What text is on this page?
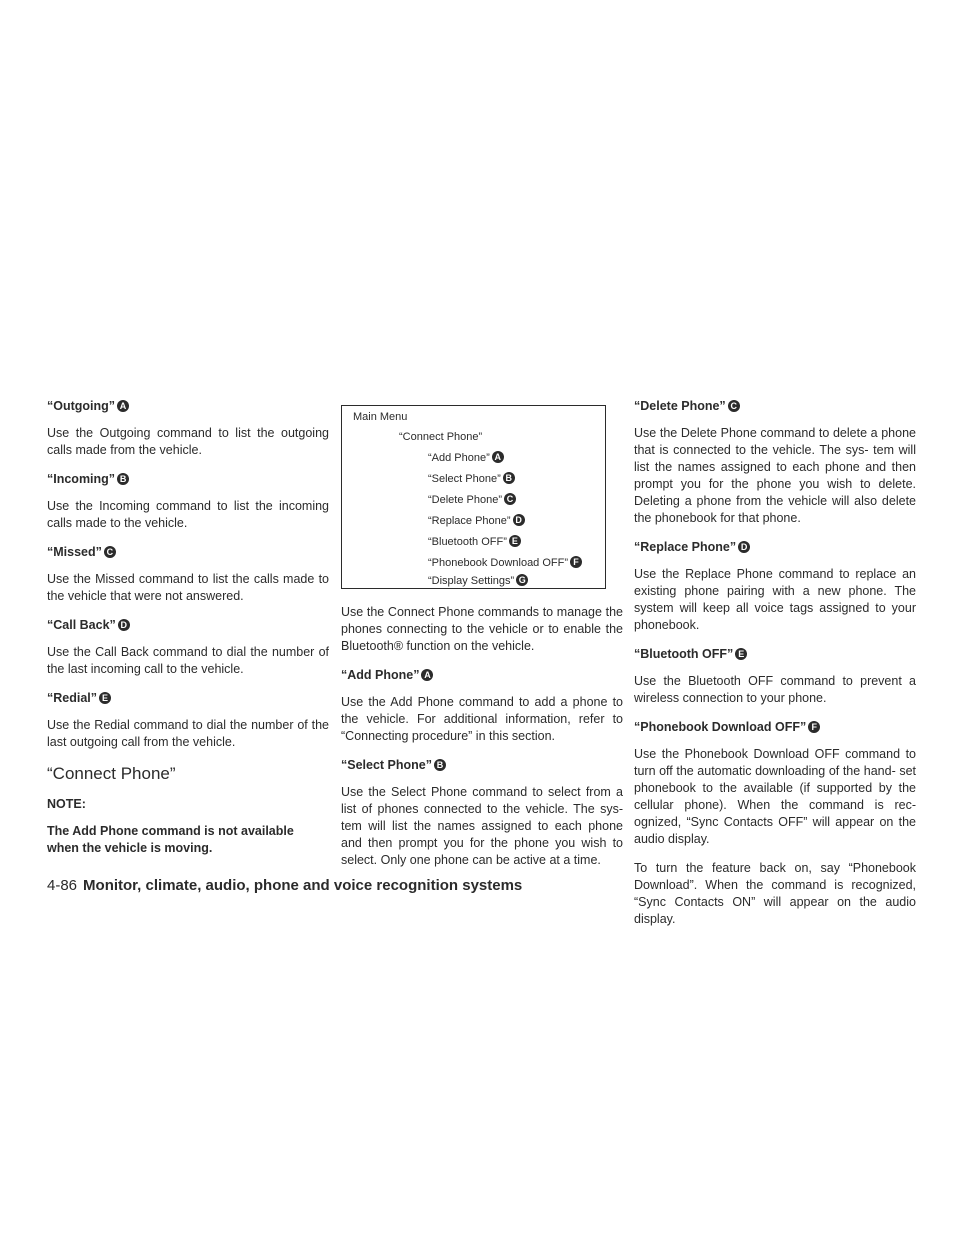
“Outgoing” A
Use the Outgoing command to list the outgoing calls made from the vehicle.
“Incoming” B
Use the Incoming command to list the incoming calls made to the vehicle.
“Missed” C
Use the Missed command to list the calls made to the vehicle that were not answered.
“Call Back” D
Use the Call Back command to dial the number of the last incoming call to the vehicle.
“Redial” E
Use the Redial command to dial the number of the last outgoing call from the vehicle.
“Connect Phone”
NOTE:
The Add Phone command is not available when the vehicle is moving.
Main Menu
“Connect Phone”
“Add Phone” A
“Select Phone” B
“Delete Phone” C
“Replace Phone” D
“Bluetooth OFF” E
“Phonebook Download OFF” F
“Display Settings” G
Use the Connect Phone commands to manage the phones connecting to the vehicle or to enable the Bluetooth® function on the vehicle.
“Add Phone” A
Use the Add Phone command to add a phone to the vehicle. For additional information, refer to “Connecting procedure” in this section.
“Select Phone” B
Use the Select Phone command to select from a list of phones connected to the vehicle. The sys- tem will list the names assigned to each phone and then prompt you for the phone you wish to select. Only one phone can be active at a time.
“Delete Phone” C
Use the Delete Phone command to delete a phone that is connected to the vehicle. The sys- tem will list the names assigned to each phone and then prompt you for the phone you wish to delete. Deleting a phone from the vehicle will also delete the phonebook for that phone.
“Replace Phone” D
Use the Replace Phone command to replace an existing phone pairing with a new phone. The system will keep all voice tags assigned to your phonebook.
“Bluetooth OFF” E
Use the Bluetooth OFF command to prevent a wireless connection to your phone.
“Phonebook Download OFF” F
Use the Phonebook Download OFF command to turn off the automatic downloading of the hand- set phonebook to the available (if supported by the cellular phone). When the command is rec- ognized, “Sync Contacts OFF” will appear on the audio display.
To turn the feature back on, say “Phonebook Download”. When the command is recognized, “Sync Contacts ON” will appear on the audio display.
4-86 Monitor, climate, audio, phone and voice recognition systems
